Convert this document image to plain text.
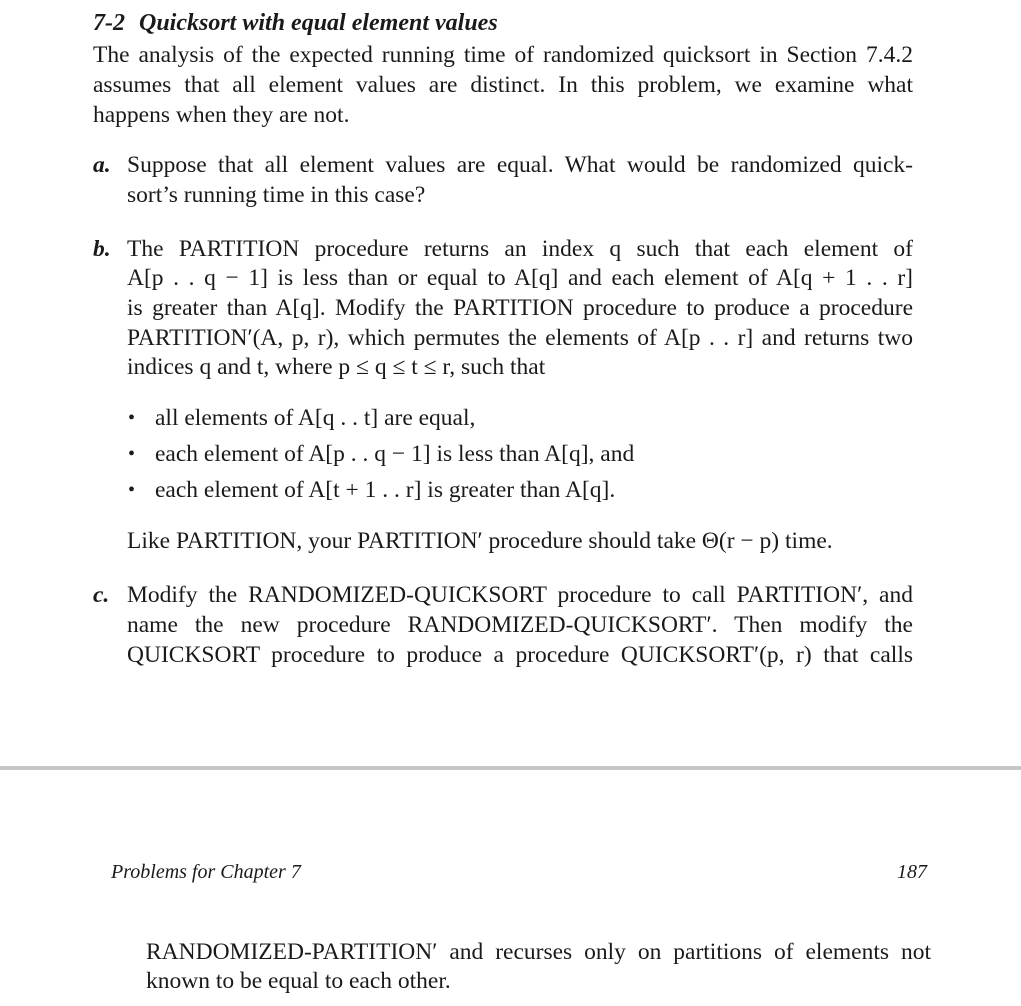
7-2 Quicksort with equal element values
The analysis of the expected running time of randomized quicksort in Section 7.4.2
assumes that all element values are distinct. In this problem, we examine what
happens when they are not.
a. Suppose that all element values are equal. What would be randomized quick-
sort’s running time in this case?
b. The PARTITION procedure returns an index q such that each element of
A[p . . q − 1] is less than or equal to A[q] and each element of A[q + 1 . . r]
is greater than A[q]. Modify the PARTITION procedure to produce a procedure
PARTITION′(A, p, r), which permutes the elements of A[p . . r] and returns two
indices q and t, where p ≤ q ≤ t ≤ r, such that
• all elements of A[q . . t] are equal,
• each element of A[p . . q − 1] is less than A[q], and
• each element of A[t + 1 . . r] is greater than A[q].
Like PARTITION, your PARTITION′ procedure should take Θ(r − p) time.
c. Modify the RANDOMIZED-QUICKSORT procedure to call PARTITION′, and
name the new procedure RANDOMIZED-QUICKSORT′. Then modify the
QUICKSORT procedure to produce a procedure QUICKSORT′(p, r) that calls
Problems for Chapter 7	187
RANDOMIZED-PARTITION′ and recurses only on partitions of elements not
known to be equal to each other.
